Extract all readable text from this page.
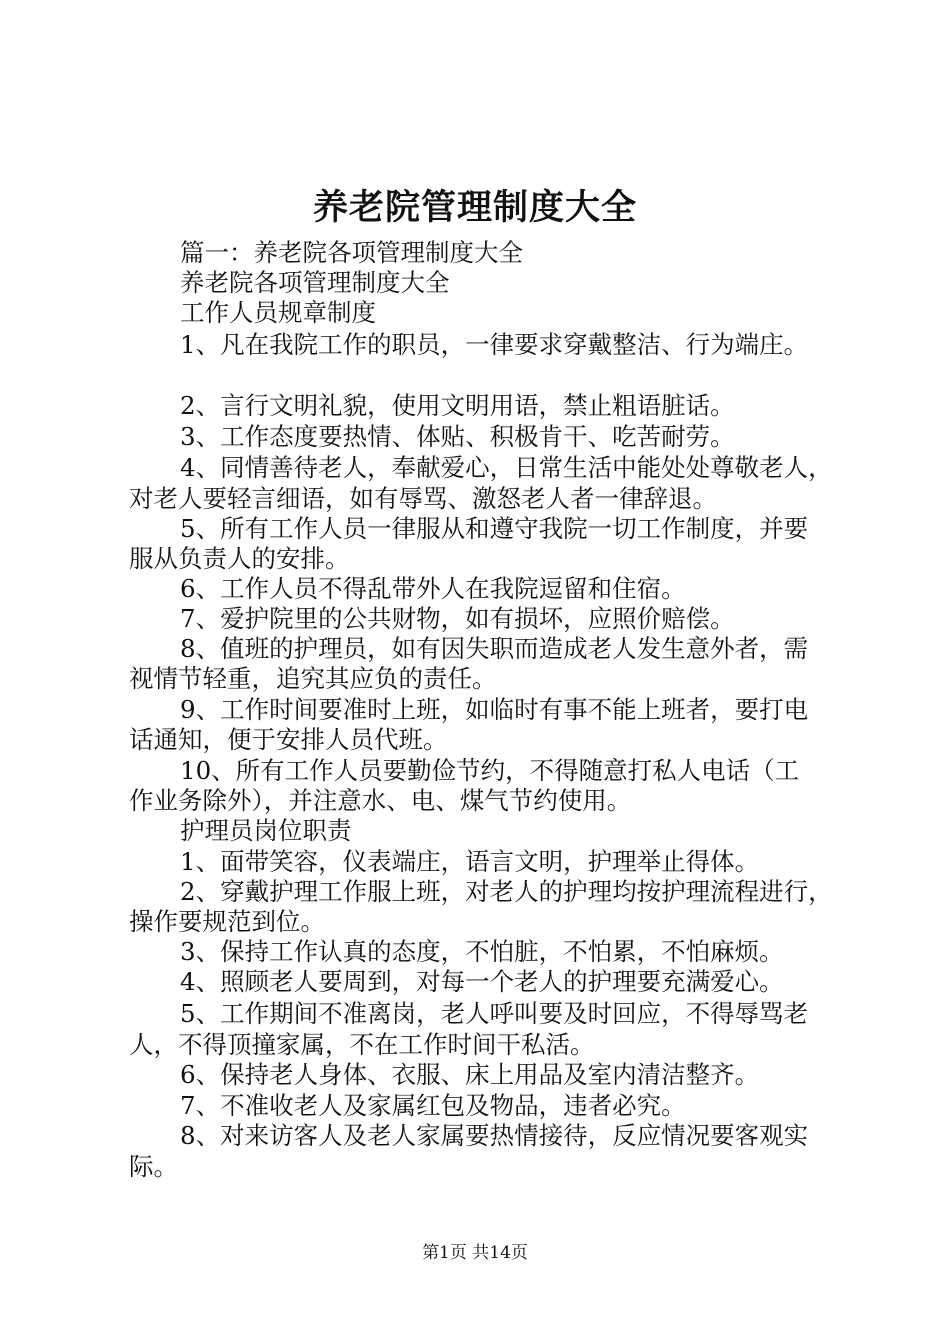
养老院管理制度大全
篇一：养老院各项管理制度大全
养老院各项管理制度大全
工作人员规章制度
1、凡在我院工作的职员，一律要求穿戴整洁、行为端庄。
2、言行文明礼貌，使用文明用语，禁止粗语脏话。
3、工作态度要热情、体贴、积极肯干、吃苦耐劳。
4、同情善待老人，奉献爱心，日常生活中能处处尊敬老人，
对老人要轻言细语，如有辱骂、激怒老人者一律辞退。
5、所有工作人员一律服从和遵守我院一切工作制度，并要
服从负责人的安排。
6、工作人员不得乱带外人在我院逗留和住宿。
7、爱护院里的公共财物，如有损坏，应照价赔偿。
8、值班的护理员，如有因失职而造成老人发生意外者，需
视情节轻重，追究其应负的责任。
9、工作时间要准时上班，如临时有事不能上班者，要打电
话通知，便于安排人员代班。
10、所有工作人员要勤俭节约，不得随意打私人电话（工
作业务除外），并注意水、电、煤气节约使用。
护理员岗位职责
1、面带笑容，仪表端庄，语言文明，护理举止得体。
2、穿戴护理工作服上班，对老人的护理均按护理流程进行，
操作要规范到位。
3、保持工作认真的态度，不怕脏，不怕累，不怕麻烦。
4、照顾老人要周到，对每一个老人的护理要充满爱心。
5、工作期间不准离岗，老人呼叫要及时回应，不得辱骂老
人，不得顶撞家属，不在工作时间干私活。
6、保持老人身体、衣服、床上用品及室内清洁整齐。
7、不准收老人及家属红包及物品，违者必究。
8、对来访客人及老人家属要热情接待，反应情况要客观实
际。
第1页 共14页
